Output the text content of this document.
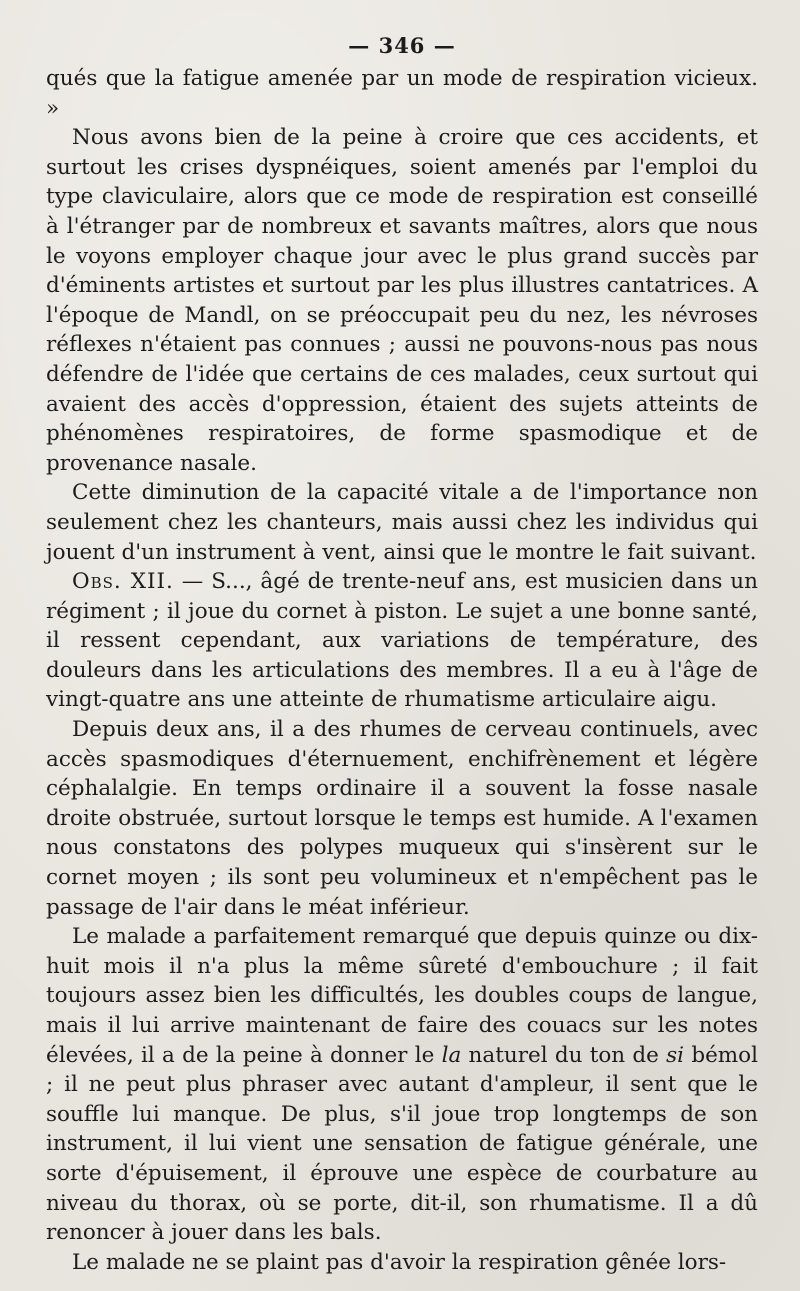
— 346 —

qués que la fatigue amenée par un mode de respiration vicieux. »

Nous avons bien de la peine à croire que ces accidents, et surtout les crises dyspnéiques, soient amenés par l'emploi du type claviculaire, alors que ce mode de respiration est conseillé à l'étranger par de nombreux et savants maîtres, alors que nous le voyons employer chaque jour avec le plus grand succès par d'éminents artistes et surtout par les plus illustres cantatrices. A l'époque de Mandl, on se préoccupait peu du nez, les névroses réflexes n'étaient pas connues ; aussi ne pouvons-nous pas nous défendre de l'idée que certains de ces malades, ceux surtout qui avaient des accès d'oppression, étaient des sujets atteints de phénomènes respiratoires, de forme spasmodique et de provenance nasale.

Cette diminution de la capacité vitale a de l'importance non seulement chez les chanteurs, mais aussi chez les individus qui jouent d'un instrument à vent, ainsi que le montre le fait suivant.

Obs. XII. — S..., âgé de trente-neuf ans, est musicien dans un régiment ; il joue du cornet à piston. Le sujet a une bonne santé, il ressent cependant, aux variations de température, des douleurs dans les articulations des membres. Il a eu à l'âge de vingt-quatre ans une atteinte de rhumatisme articulaire aigu.

Depuis deux ans, il a des rhumes de cerveau continuels, avec accès spasmodiques d'éternuement, enchifrènement et légère céphalalgie. En temps ordinaire il a souvent la fosse nasale droite obstruée, surtout lorsque le temps est humide. A l'examen nous constatons des polypes muqueux qui s'insèrent sur le cornet moyen ; ils sont peu volumineux et n'empêchent pas le passage de l'air dans le méat inférieur.

Le malade a parfaitement remarqué que depuis quinze ou dix-huit mois il n'a plus la même sûreté d'embouchure ; il fait toujours assez bien les difficultés, les doubles coups de langue, mais il lui arrive maintenant de faire des couacs sur les notes élevées, il a de la peine à donner le la naturel du ton de si bémol ; il ne peut plus phraser avec autant d'ampleur, il sent que le souffle lui manque. De plus, s'il joue trop longtemps de son instrument, il lui vient une sensation de fatigue générale, une sorte d'épuisement, il éprouve une espèce de courbature au niveau du thorax, où se porte, dit-il, son rhumatisme. Il a dû renoncer à jouer dans les bals.

Le malade ne se plaint pas d'avoir la respiration gênée lors-
